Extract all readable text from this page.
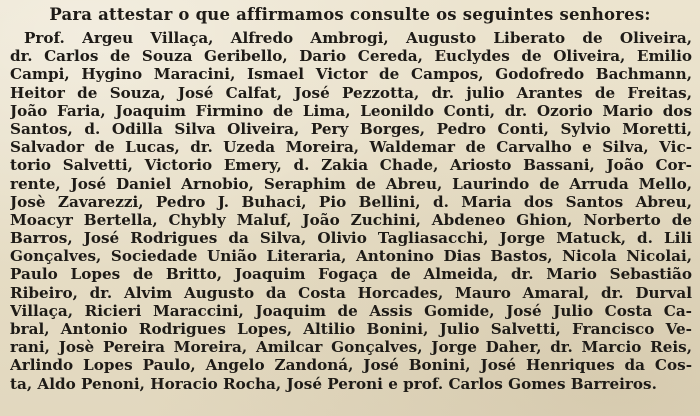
Para attestar o que affirmamos consulte os seguintes senhores:
Prof. Argeu Villaça, Alfredo Ambrogi, Augusto Liberato de Oliveira,
dr. Carlos de Souza Geribello, Dario Cereda, Euclydes de Oliveira, Emilio
Campi, Hygino Maracini, Ismael Victor de Campos, Godofredo Bachmann,
Heitor de Souza, José Calfat, José Pezzotta, dr. julio Arantes de Freitas,
João Faria, Joaquim Firmino de Lima, Leonildo Conti, dr. Ozorio Mario dos
Santos, d. Odilla Silva Oliveira, Pery Borges, Pedro Conti, Sylvio Moretti,
Salvador de Lucas, dr. Uzeda Moreira, Waldemar de Carvalho e Silva, Vic-
torio Salvetti, Victorio Emery, d. Zakia Chade, Ariosto Bassani, João Cor-
rente, José Daniel Arnobio, Seraphim de Abreu, Laurindo de Arruda Mello,
Josè Zavarezzi, Pedro J. Buhaci, Pio Bellini, d. Maria dos Santos Abreu,
Moacyr Bertella, Chybly Maluf, João Zuchini, Abdeneo Ghion, Norberto de
Barros, José Rodrigues da Silva, Olivio Tagliasacchi, Jorge Matuck, d. Lili
Gonçalves, Sociedade União Literaria, Antonino Dias Bastos, Nicola Nicolai,
Paulo Lopes de Britto, Joaquim Fogaça de Almeida, dr. Mario Sebastião
Ribeiro, dr. Alvim Augusto da Costa Horcades, Mauro Amaral, dr. Durval
Villaça, Ricieri Maraccini, Joaquim de Assis Gomide, José Julio Costa Ca-
bral, Antonio Rodrigues Lopes, Altilio Bonini, Julio Salvetti, Francisco Ve-
rani, Josè Pereira Moreira, Amilcar Gonçalves, Jorge Daher, dr. Marcio Reis,
Arlindo Lopes Paulo, Angelo Zandoná, José Bonini, José Henriques da Cos-
ta, Aldo Penoni, Horacio Rocha, José Peroni e prof. Carlos Gomes Barreiros.
